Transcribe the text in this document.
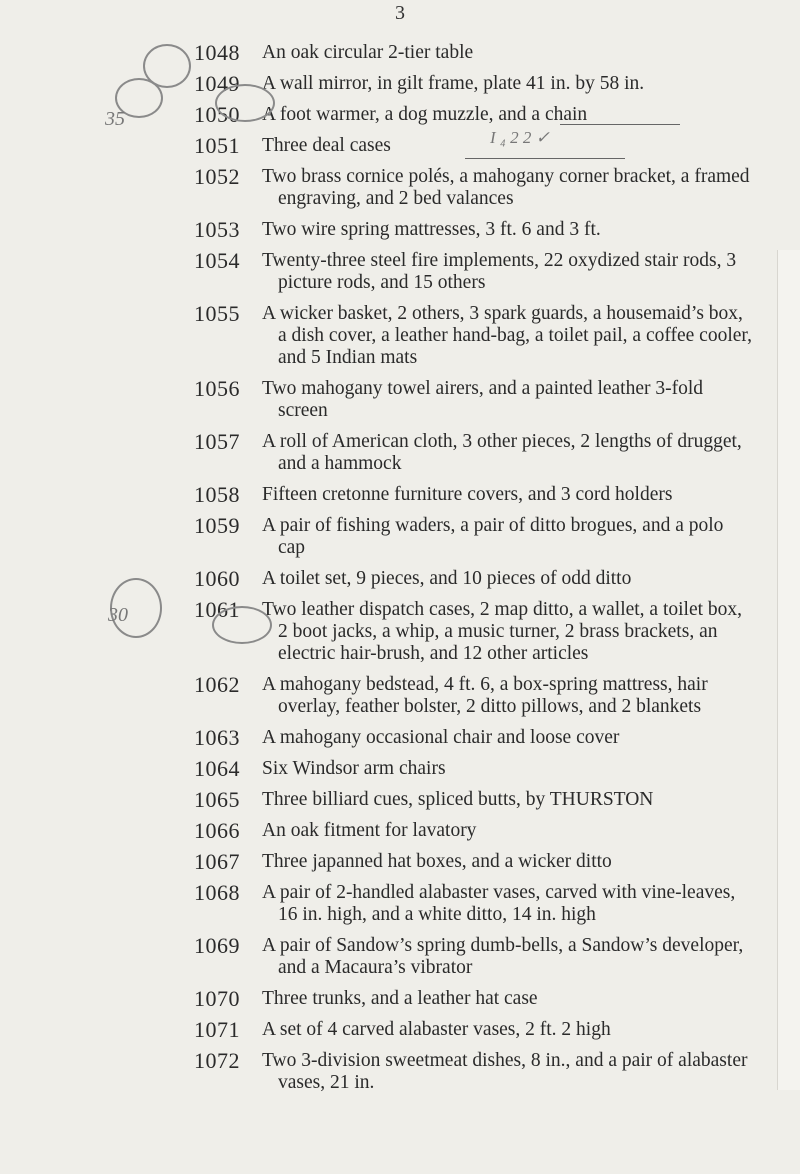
3
1048	An oak circular 2-tier table
1049	A wall mirror, in gilt frame, plate 41 in. by 58 in.
1050	A foot warmer, a dog muzzle, and a chain
1051	Three deal cases
1052	Two brass cornice polés, a mahogany corner bracket, a framed engraving, and 2 bed valances
1053	Two wire spring mattresses, 3 ft. 6 and 3 ft.
1054	Twenty-three steel fire implements, 22 oxydized stair rods, 3 picture rods, and 15 others
1055	A wicker basket, 2 others, 3 spark guards, a housemaid’s box, a dish cover, a leather hand-bag, a toilet pail, a coffee cooler, and 5 Indian mats
1056	Two mahogany towel airers, and a painted leather 3-fold screen
1057	A roll of American cloth, 3 other pieces, 2 lengths of drugget, and a hammock
1058	Fifteen cretonne furniture covers, and 3 cord holders
1059	A pair of fishing waders, a pair of ditto brogues, and a polo cap
1060	A toilet set, 9 pieces, and 10 pieces of odd ditto
1061	Two leather dispatch cases, 2 map ditto, a wallet, a toilet box, 2 boot jacks, a whip, a music turner, 2 brass brackets, an electric hair-brush, and 12 other articles
1062	A mahogany bedstead, 4 ft. 6, a box-spring mattress, hair overlay, feather bolster, 2 ditto pillows, and 2 blankets
1063	A mahogany occasional chair and loose cover
1064	Six Windsor arm chairs
1065	Three billiard cues, spliced butts, by THURSTON
1066	An oak fitment for lavatory
1067	Three japanned hat boxes, and a wicker ditto
1068	A pair of 2-handled alabaster vases, carved with vine-leaves, 16 in. high, and a white ditto, 14 in. high
1069	A pair of Sandow’s spring dumb-bells, a Sandow’s developer, and a Macaura’s vibrator
1070	Three trunks, and a leather hat case
1071	A set of 4 carved alabaster vases, 2 ft. 2 high
1072	Two 3-division sweetmeat dishes, 8 in., and a pair of alabaster vases, 21 in.
35
30
I ₄ 2 2 ✓
